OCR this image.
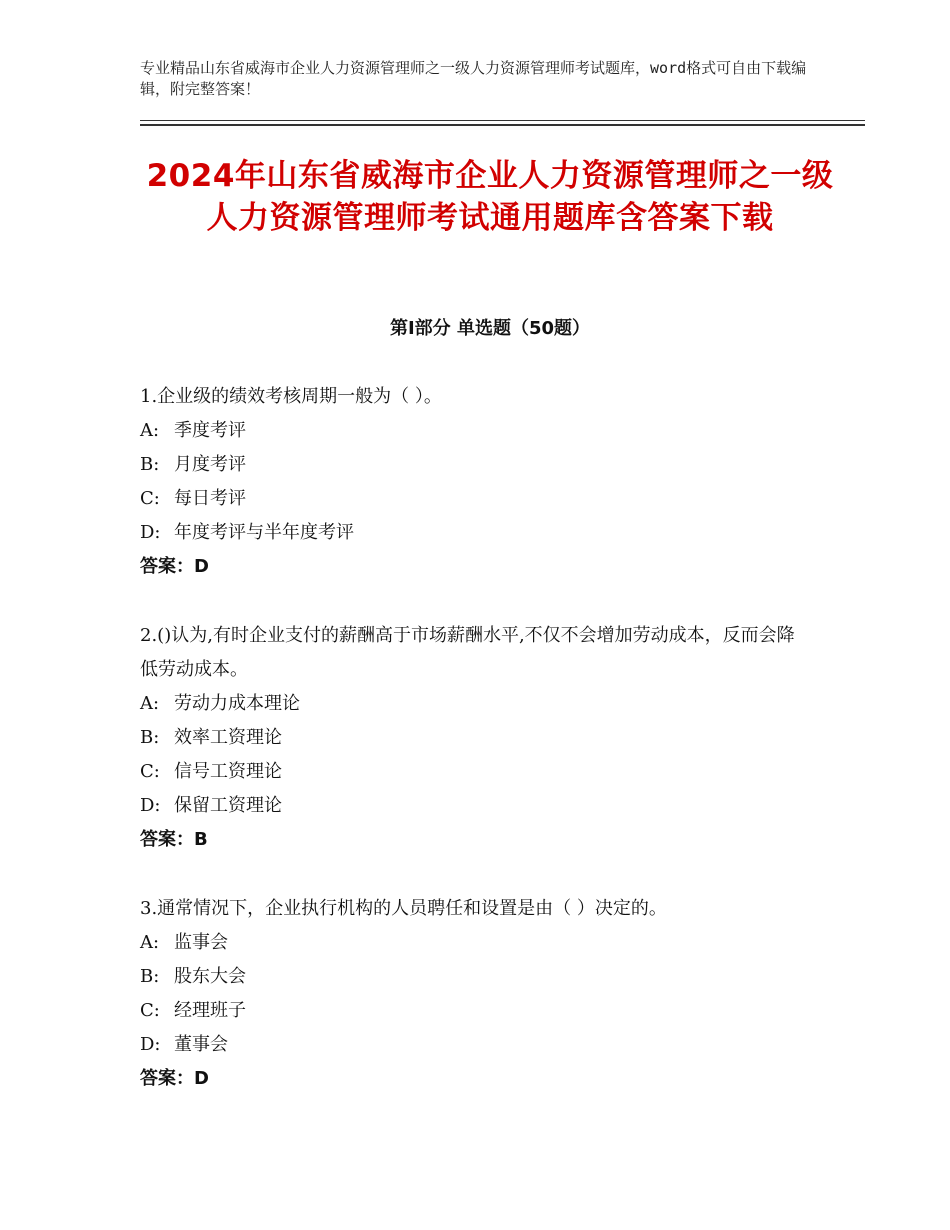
专业精品山东省威海市企业人力资源管理师之一级人力资源管理师考试题库，word格式可自由下载编辑，附完整答案！
2024年山东省威海市企业人力资源管理师之一级人力资源管理师考试通用题库含答案下载
第Ⅰ部分 单选题（50题）
1.企业级的绩效考核周期一般为（ ）。
A: 季度考评
B: 月度考评
C: 每日考评
D: 年度考评与半年度考评
答案：D
2.()认为,有时企业支付的薪酬高于市场薪酬水平,不仅不会增加劳动成本，反而会降低劳动成本。
A: 劳动力成本理论
B: 效率工资理论
C: 信号工资理论
D: 保留工资理论
答案：B
3.通常情况下，企业执行机构的人员聘任和设置是由（ ）决定的。
A: 监事会
B: 股东大会
C: 经理班子
D: 董事会
答案：D
